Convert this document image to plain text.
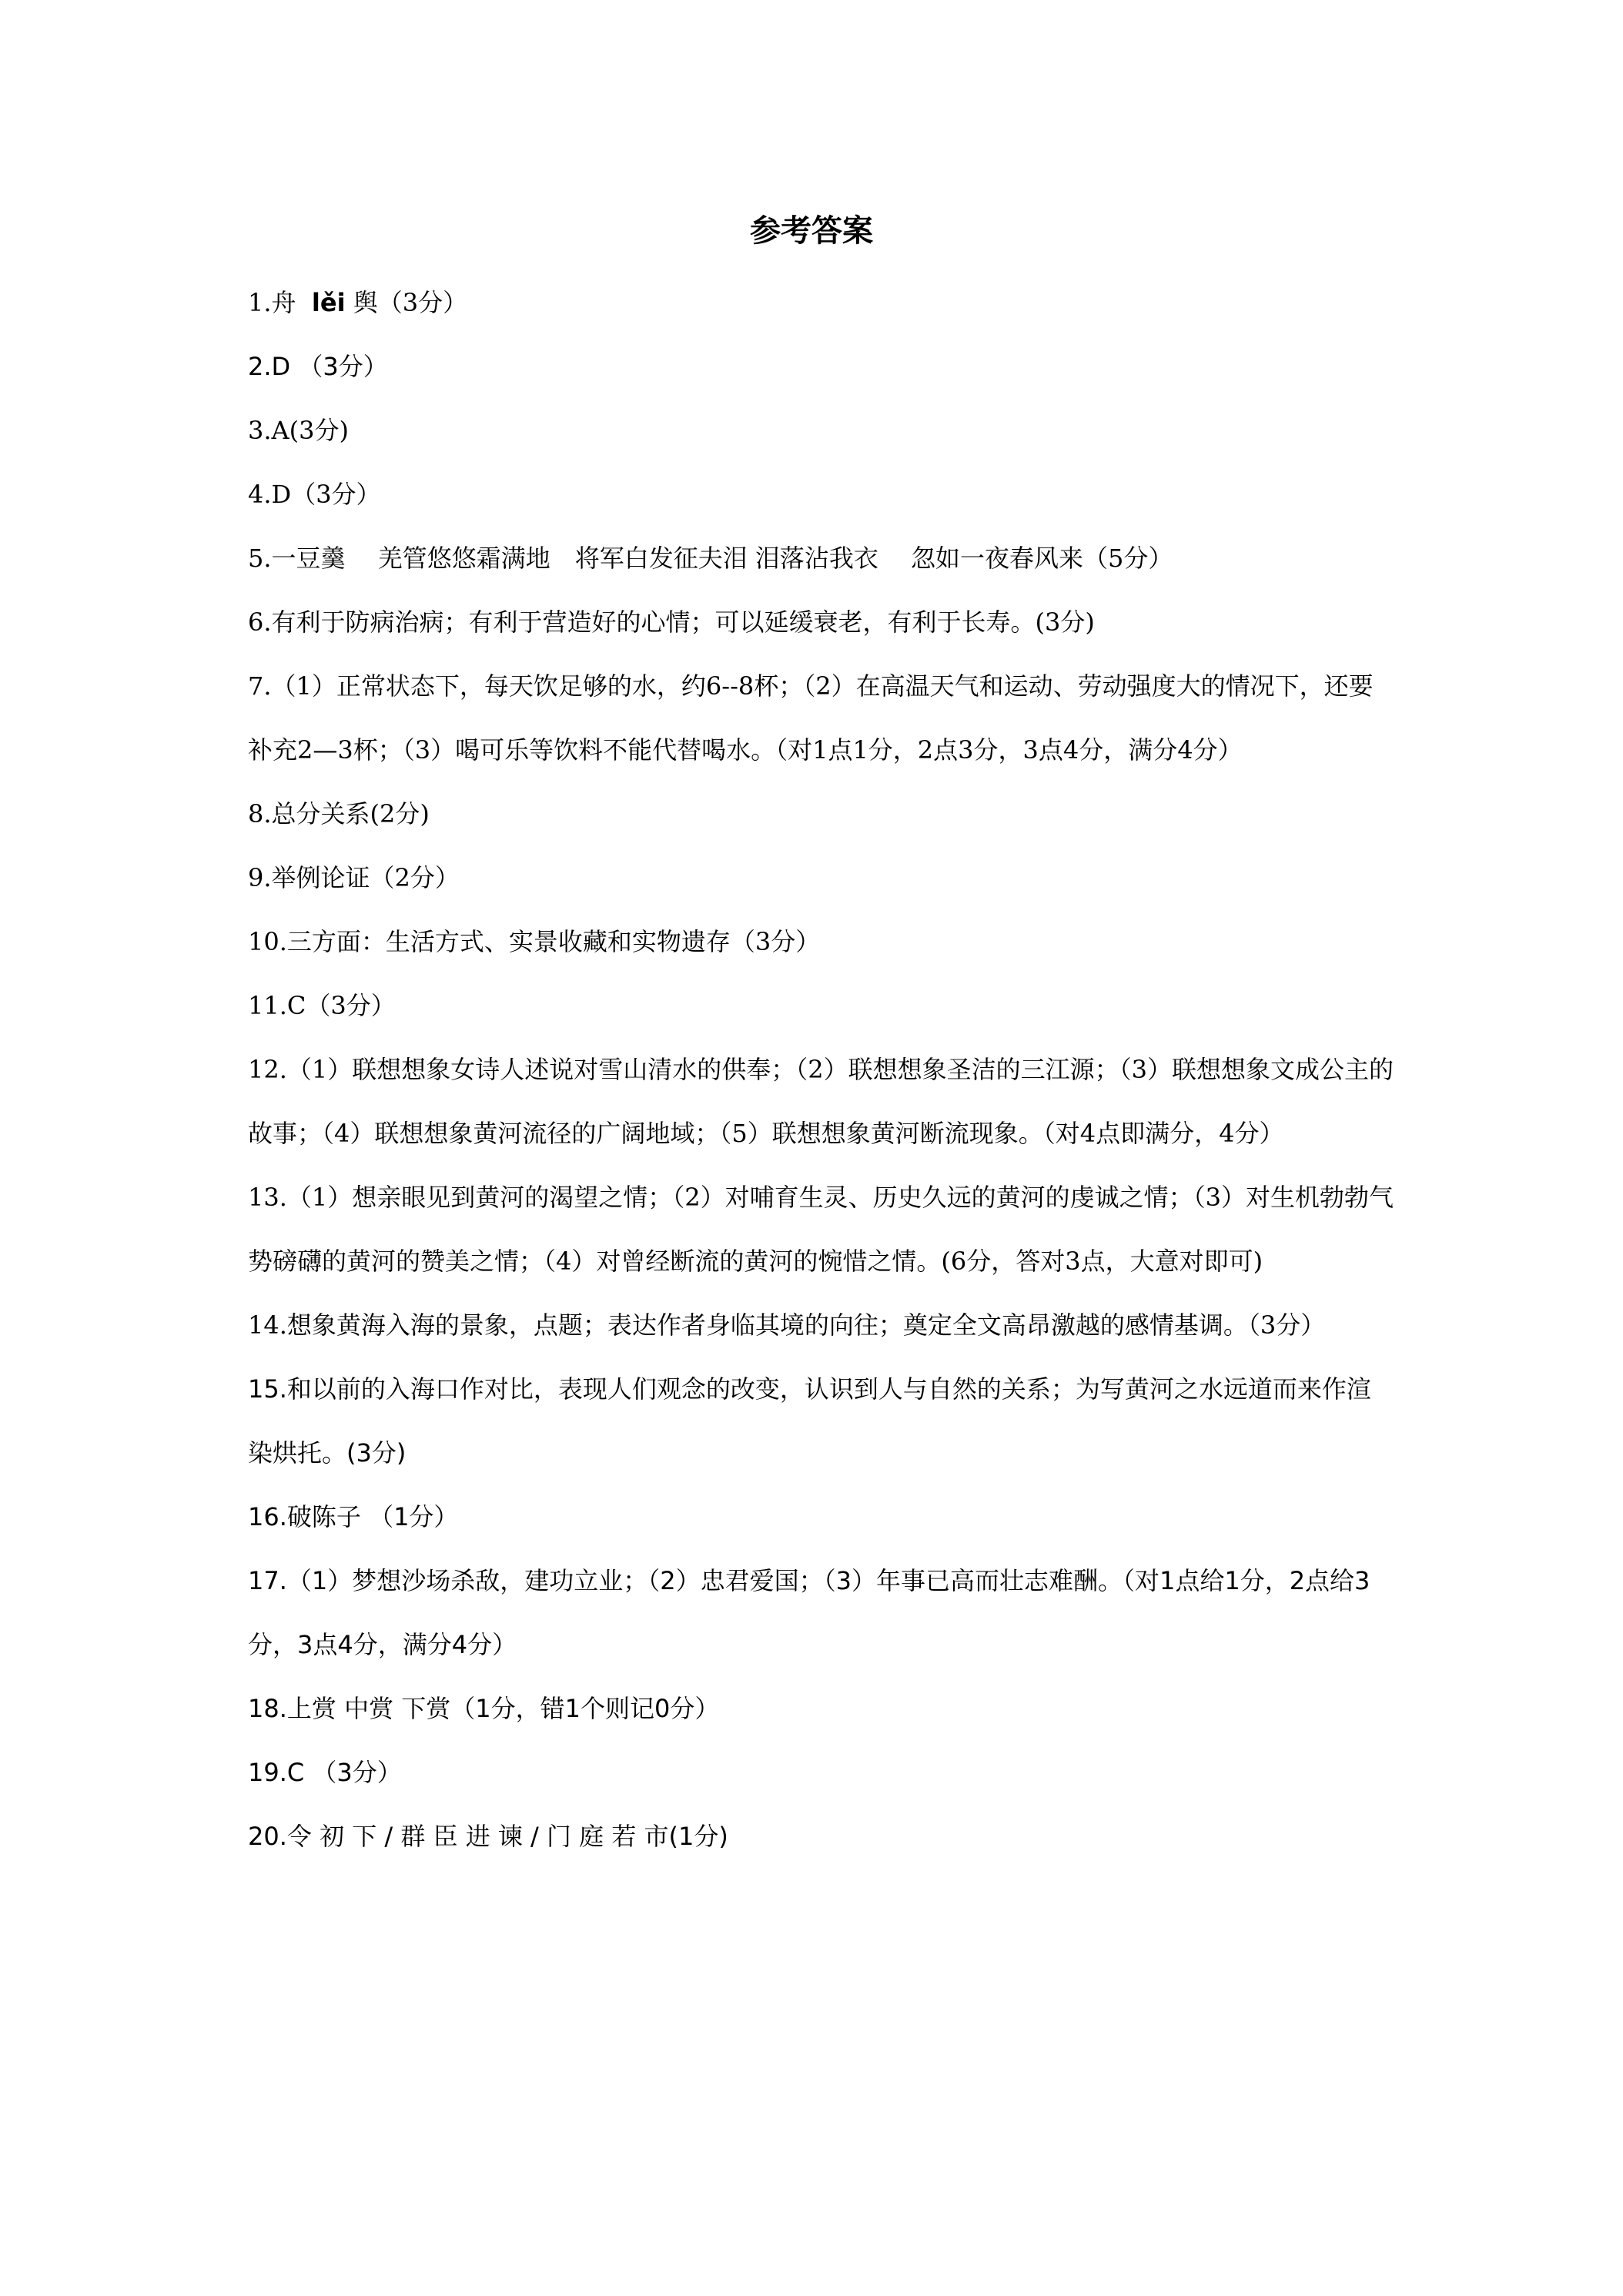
参考答案

1.舟 lěi 舆（3分）

2.D （3分）

3.A(3分)

4.D（3分）

5.一豆羹　 羌管悠悠霜满地　将军白发征夫泪 泪落沾我衣　 忽如一夜春风来（5分）

6.有利于防病治病；有利于营造好的心情；可以延缓衰老，有利于长寿。(3分)

7.（1）正常状态下，每天饮足够的水，约6--8杯；（2）在高温天气和运动、劳动强度大的情况下，还要补充2—3杯；（3）喝可乐等饮料不能代替喝水。（对1点1分，2点3分，3点4分，满分4分）

8.总分关系(2分)

9.举例论证（2分）

10.三方面：生活方式、实景收藏和实物遗存（3分）

11.C（3分）

12.（1）联想想象女诗人述说对雪山清水的供奉；（2）联想想象圣洁的三江源；（3）联想想象文成公主的故事；（4）联想想象黄河流径的广阔地域；（5）联想想象黄河断流现象。（对4点即满分，4分）

13.（1）想亲眼见到黄河的渴望之情；（2）对哺育生灵、历史久远的黄河的虔诚之情；（3）对生机勃勃气势磅礴的黄河的赞美之情；（4）对曾经断流的黄河的惋惜之情。(6分，答对3点，大意对即可)

14.想象黄海入海的景象，点题；表达作者身临其境的向往；奠定全文高昂激越的感情基调。（3分）

15.和以前的入海口作对比，表现人们观念的改变，认识到人与自然的关系；为写黄河之水远道而来作渲染烘托。(3分)

16.破陈子 （1分）

17.（1）梦想沙场杀敌，建功立业；（2）忠君爱国；（3）年事已高而壮志难酬。（对1点给1分，2点给3分，3点4分，满分4分）

18.上赏 中赏 下赏（1分，错1个则记0分）

19.C （3分）

20.令 初 下 / 群 臣 进 谏 / 门 庭 若 市(1分)
